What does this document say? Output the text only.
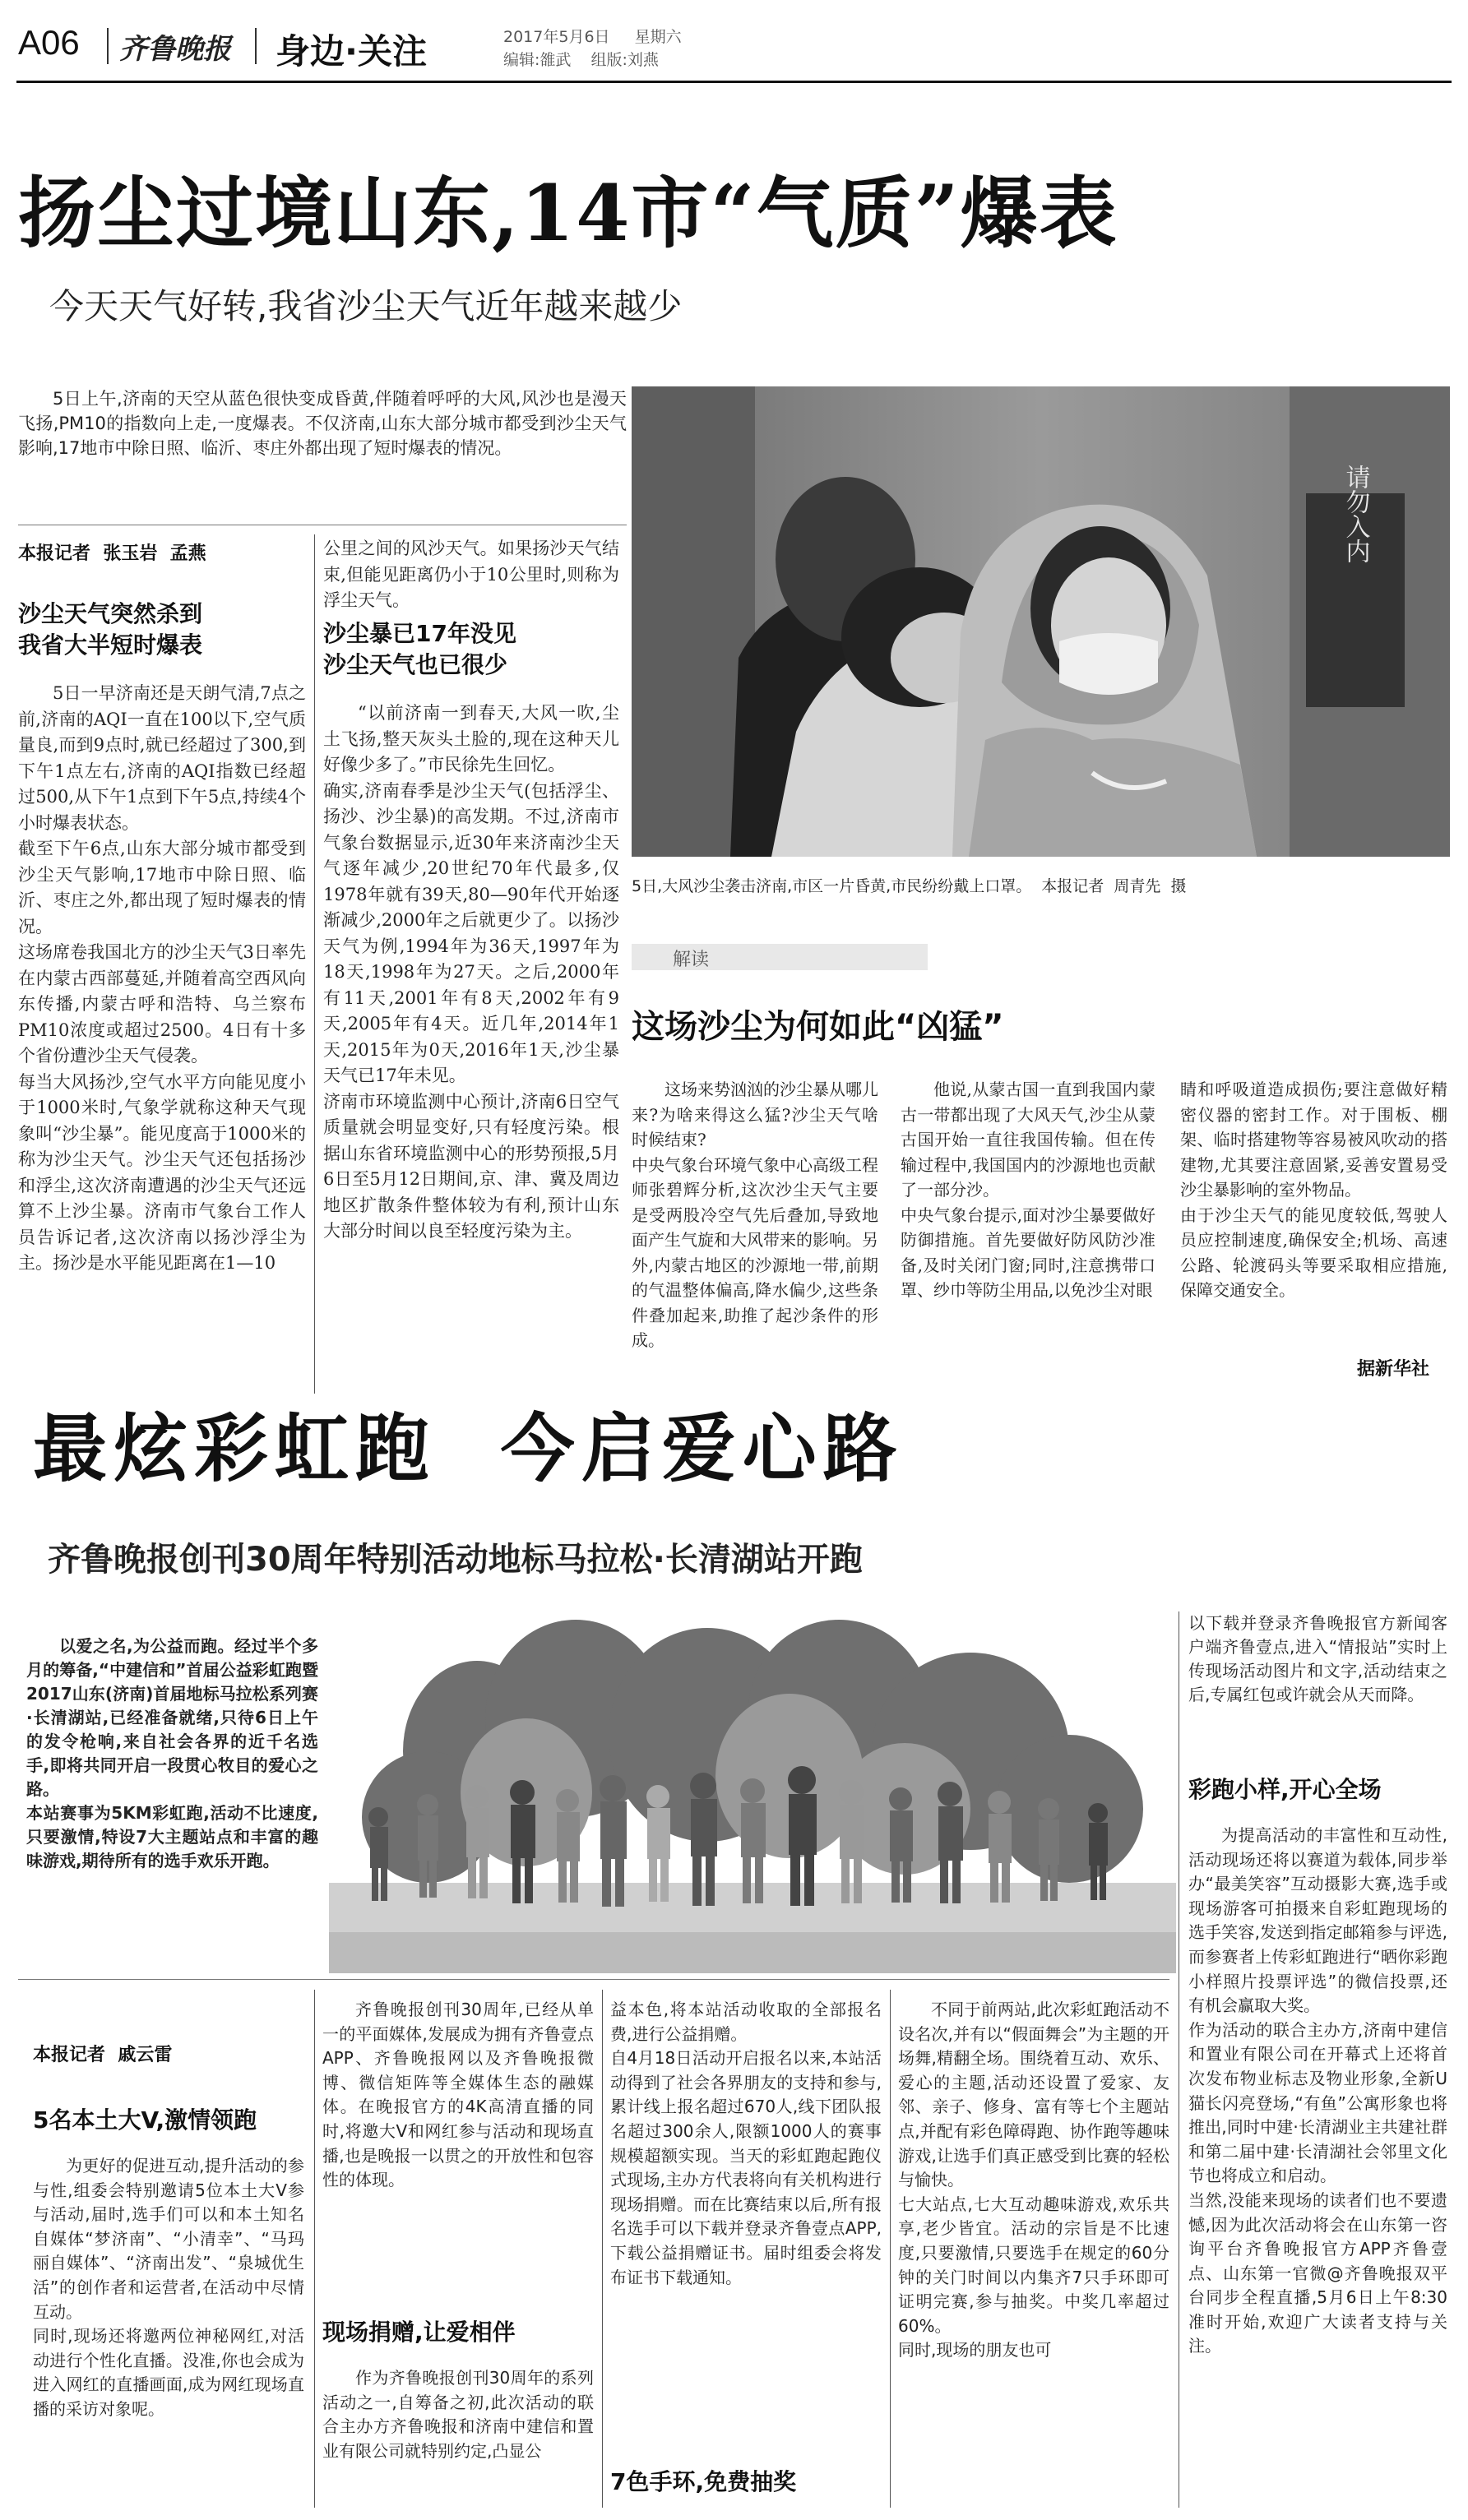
A06 齐鲁晚报 身边·关注	2017年5月6日 星期六
编辑:雒武 组版:刘燕
扬尘过境山东,14市“气质”爆表
今天天气好转,我省沙尘天气近年越来越少

5日上午,济南的天空从蓝色很快变成昏黄,伴随着呼呼的大风,风沙也是漫天飞扬,PM10的指数向上走,一度爆表。不仅济南,山东大部分城市都受到沙尘天气影响,17地市中除日照、临沂、枣庄外都出现了短时爆表的情况。

本报记者  张玉岩  孟燕
沙尘天气突然杀到
我省大半短时爆表

5日一早济南还是天朗气清,7点之前,济南的AQI一直在100以下,空气质量良,而到9点时,就已经超过了300,到下午1点左右,济南的AQI指数已经超过500,从下午1点到下午5点,持续4个小时爆表状态。
截至下午6点,山东大部分城市都受到沙尘天气影响,17地市中除日照、临沂、枣庄之外,都出现了短时爆表的情况。
这场席卷我国北方的沙尘天气3日率先在内蒙古西部蔓延,并随着高空西风向东传播,内蒙古呼和浩特、乌兰察布PM10浓度或超过2500。4日有十多个省份遭沙尘天气侵袭。
每当大风扬沙,空气水平方向能见度小于1000米时,气象学就称这种天气现象叫“沙尘暴”。能见度高于1000米的称为沙尘天气。沙尘天气还包括扬沙和浮尘,这次济南遭遇的沙尘天气还远算不上沙尘暴。济南市气象台工作人员告诉记者,这次济南以扬沙浮尘为主。扬沙是水平能见距离在1—10

公里之间的风沙天气。如果扬沙天气结束,但能见距离仍小于10公里时,则称为浮尘天气。

沙尘暴已17年没见
沙尘天气也已很少

“以前济南一到春天,大风一吹,尘土飞扬,整天灰头土脸的,现在这种天儿好像少多了。”市民徐先生回忆。
确实,济南春季是沙尘天气(包括浮尘、扬沙、沙尘暴)的高发期。不过,济南市气象台数据显示,近30年来济南沙尘天气逐年减少,20世纪70年代最多,仅1978年就有39天,80—90年代开始逐渐减少,2000年之后就更少了。以扬沙天气为例,1994年为36天,1997年为18天,1998年为27天。之后,2000年有11天,2001年有8天,2002年有9天,2005年有4天。近几年,2014年1天,2015年为0天,2016年1天,沙尘暴天气已17年未见。
济南市环境监测中心预计,济南6日空气质量就会明显变好,只有轻度污染。根据山东省环境监测中心的形势预报,5月6日至5月12日期间,京、津、冀及周边地区扩散条件整体较为有利,预计山东大部分时间以良至轻度污染为主。

请勿入内
5日,大风沙尘袭击济南,市区一片昏黄,市民纷纷戴上口罩。  本报记者  周青先  摄
解读
这场沙尘为何如此“凶猛”

这场来势汹汹的沙尘暴从哪儿来?为啥来得这么猛?沙尘天气啥时候结束?
中央气象台环境气象中心高级工程师张碧辉分析,这次沙尘天气主要是受两股冷空气先后叠加,导致地面产生气旋和大风带来的影响。另外,内蒙古地区的沙源地一带,前期的气温整体偏高,降水偏少,这些条件叠加起来,助推了起沙条件的形成。

他说,从蒙古国一直到我国内蒙古一带都出现了大风天气,沙尘从蒙古国开始一直往我国传输。但在传输过程中,我国国内的沙源地也贡献了一部分沙。
中央气象台提示,面对沙尘暴要做好防御措施。首先要做好防风防沙准备,及时关闭门窗;同时,注意携带口罩、纱巾等防尘用品,以免沙尘对眼

睛和呼吸道造成损伤;要注意做好精密仪器的密封工作。对于围板、棚架、临时搭建物等容易被风吹动的搭建物,尤其要注意固紧,妥善安置易受沙尘暴影响的室外物品。
由于沙尘天气的能见度较低,驾驶人员应控制速度,确保安全;机场、高速公路、轮渡码头等要采取相应措施,保障交通安全。

据新华社
最炫彩虹跑  今启爱心路
齐鲁晚报创刊30周年特别活动地标马拉松·长清湖站开跑

以爱之名,为公益而跑。经过半个多月的筹备,“中建信和”首届公益彩虹跑暨2017山东(济南)首届地标马拉松系列赛·长清湖站,已经准备就绪,只待6日上午的发令枪响,来自社会各界的近千名选手,即将共同开启一段贯心牧目的爱心之路。
本站赛事为5KM彩虹跑,活动不比速度,只要激情,特设7大主题站点和丰富的趣味游戏,期待所有的选手欢乐开跑。

以下载并登录齐鲁晚报官方新闻客户端齐鲁壹点,进入“情报站”实时上传现场活动图片和文字,活动结束之后,专属红包或许就会从天而降。

彩跑小样,开心全场

为提高活动的丰富性和互动性,活动现场还将以赛道为载体,同步举办“最美笑容”互动摄影大赛,选手或现场游客可拍摄来自彩虹跑现场的选手笑容,发送到指定邮箱参与评选,而参赛者上传彩虹跑进行“晒你彩跑小样照片投票评选”的微信投票,还有机会赢取大奖。
作为活动的联合主办方,济南中建信和置业有限公司在开幕式上还将首次发布物业标志及物业形象,全新U猫长闪亮登场,“有鱼”公寓形象也将推出,同时中建·长清湖业主共建社群和第二届中建·长清湖社会邻里文化节也将成立和启动。
当然,没能来现场的读者们也不要遗憾,因为此次活动将会在山东第一咨询平台齐鲁晚报官方APP齐鲁壹点、山东第一官微@齐鲁晚报双平台同步全程直播,5月6日上午8:30准时开始,欢迎广大读者支持与关注。

本报记者  戚云雷
5名本土大V,激情领跑

为更好的促进互动,提升活动的参与性,组委会特别邀请5位本土大V参与活动,届时,选手们可以和本土知名自媒体“梦济南”、“小清幸”、“马玛丽自媒体”、“济南出发”、“泉城优生活”的创作者和运营者,在活动中尽情互动。
同时,现场还将邀两位神秘网红,对活动进行个性化直播。没准,你也会成为进入网红的直播画面,成为网红现场直播的采访对象呢。

齐鲁晚报创刊30周年,已经从单一的平面媒体,发展成为拥有齐鲁壹点APP、齐鲁晚报网以及齐鲁晚报微博、微信矩阵等全媒体生态的融媒体。在晚报官方的4K高清直播的同时,将邀大V和网红参与活动和现场直播,也是晚报一以贯之的开放性和包容性的体现。

现场捐赠,让爱相伴

作为齐鲁晚报创刊30周年的系列活动之一,自筹备之初,此次活动的联合主办方齐鲁晚报和济南中建信和置业有限公司就特别约定,凸显公

益本色,将本站活动收取的全部报名费,进行公益捐赠。
自4月18日活动开启报名以来,本站活动得到了社会各界朋友的支持和参与,累计线上报名超过670人,线下团队报名超过300余人,限额1000人的赛事规模超额实现。当天的彩虹跑起跑仪式现场,主办方代表将向有关机构进行现场捐赠。而在比赛结束以后,所有报名选手可以下载并登录齐鲁壹点APP,下载公益捐赠证书。届时组委会将发布证书下载通知。

7色手环,免费抽奖

不同于前两站,此次彩虹跑活动不设名次,并有以“假面舞会”为主题的开场舞,精翻全场。围绕着互动、欢乐、爱心的主题,活动还设置了爱家、友邻、亲子、修身、富有等七个主题站点,并配有彩色障碍跑、协作跑等趣味游戏,让选手们真正感受到比赛的轻松与愉快。
七大站点,七大互动趣味游戏,欢乐共享,老少皆宜。活动的宗旨是不比速度,只要激情,只要选手在规定的60分钟的关门时间以内集齐7只手环即可证明完赛,参与抽奖。中奖几率超过60%。
同时,现场的朋友也可
